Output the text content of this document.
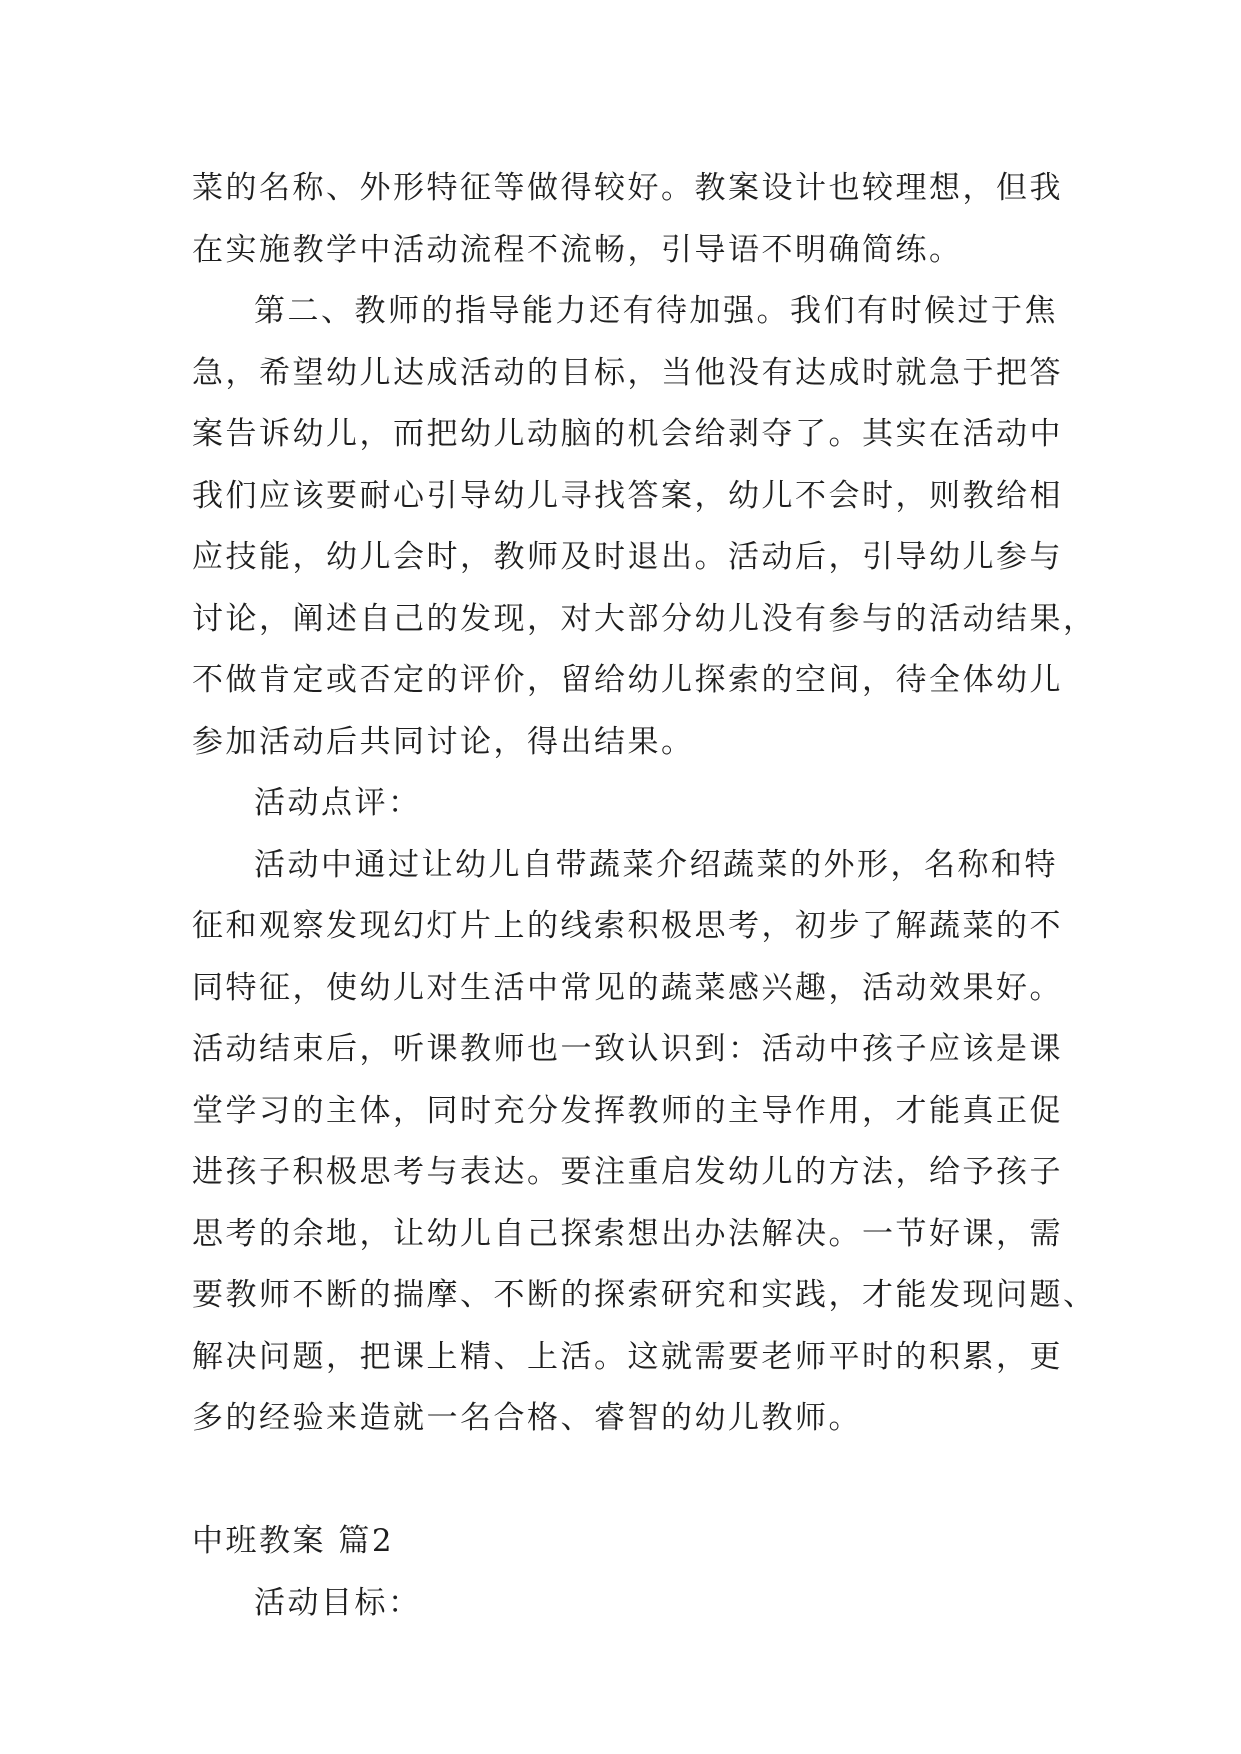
菜的名称、外形特征等做得较好。教案设计也较理想，但我
在实施教学中活动流程不流畅，引导语不明确简练。
第二、教师的指导能力还有待加强。我们有时候过于焦
急，希望幼儿达成活动的目标，当他没有达成时就急于把答
案告诉幼儿，而把幼儿动脑的机会给剥夺了。其实在活动中
我们应该要耐心引导幼儿寻找答案，幼儿不会时，则教给相
应技能，幼儿会时，教师及时退出。活动后，引导幼儿参与
讨论，阐述自己的发现，对大部分幼儿没有参与的活动结果，
不做肯定或否定的评价，留给幼儿探索的空间，待全体幼儿
参加活动后共同讨论，得出结果。
活动点评：
活动中通过让幼儿自带蔬菜介绍蔬菜的外形，名称和特
征和观察发现幻灯片上的线索积极思考，初步了解蔬菜的不
同特征，使幼儿对生活中常见的蔬菜感兴趣，活动效果好。
活动结束后，听课教师也一致认识到：活动中孩子应该是课
堂学习的主体，同时充分发挥教师的主导作用，才能真正促
进孩子积极思考与表达。要注重启发幼儿的方法，给予孩子
思考的余地，让幼儿自己探索想出办法解决。一节好课，需
要教师不断的揣摩、不断的探索研究和实践，才能发现问题、
解决问题，把课上精、上活。这就需要老师平时的积累，更
多的经验来造就一名合格、睿智的幼儿教师。
中班教案 篇2
活动目标：
